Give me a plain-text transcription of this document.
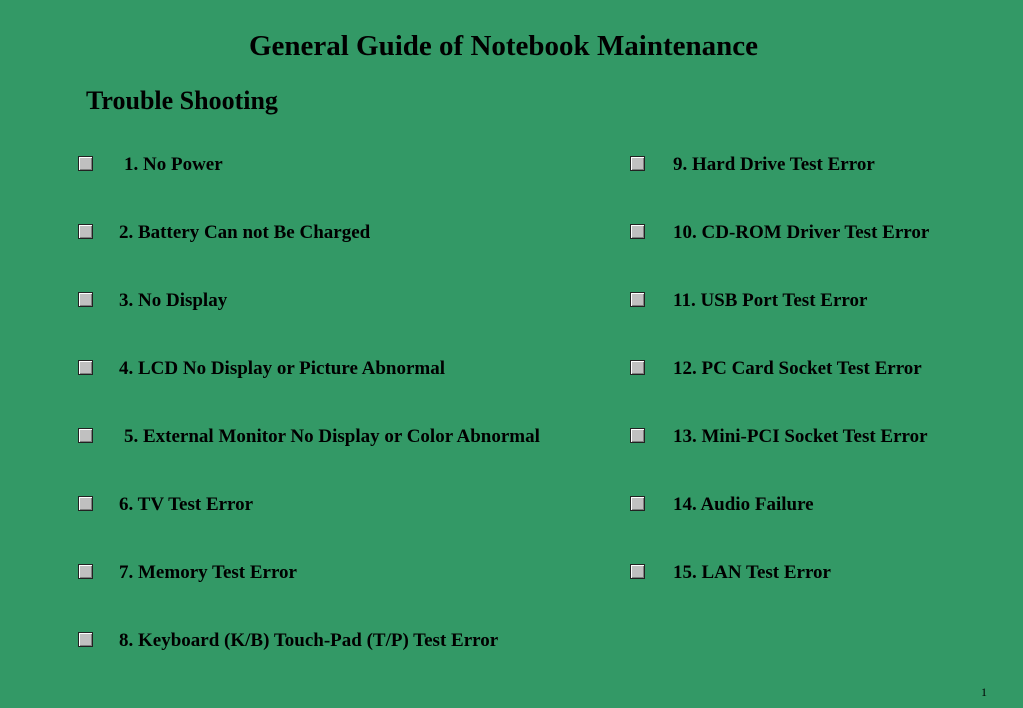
General Guide of Notebook Maintenance
Trouble Shooting
1. No Power
2. Battery Can not Be Charged
3. No Display
4. LCD No Display or Picture Abnormal
5. External Monitor No Display or Color Abnormal
6. TV Test Error
7. Memory Test Error
8. Keyboard (K/B) Touch-Pad (T/P) Test Error
9. Hard Drive Test Error
10. CD-ROM Driver Test Error
11. USB Port Test Error
12. PC Card Socket Test Error
13. Mini-PCI Socket Test Error
14. Audio Failure
15. LAN Test Error
1
